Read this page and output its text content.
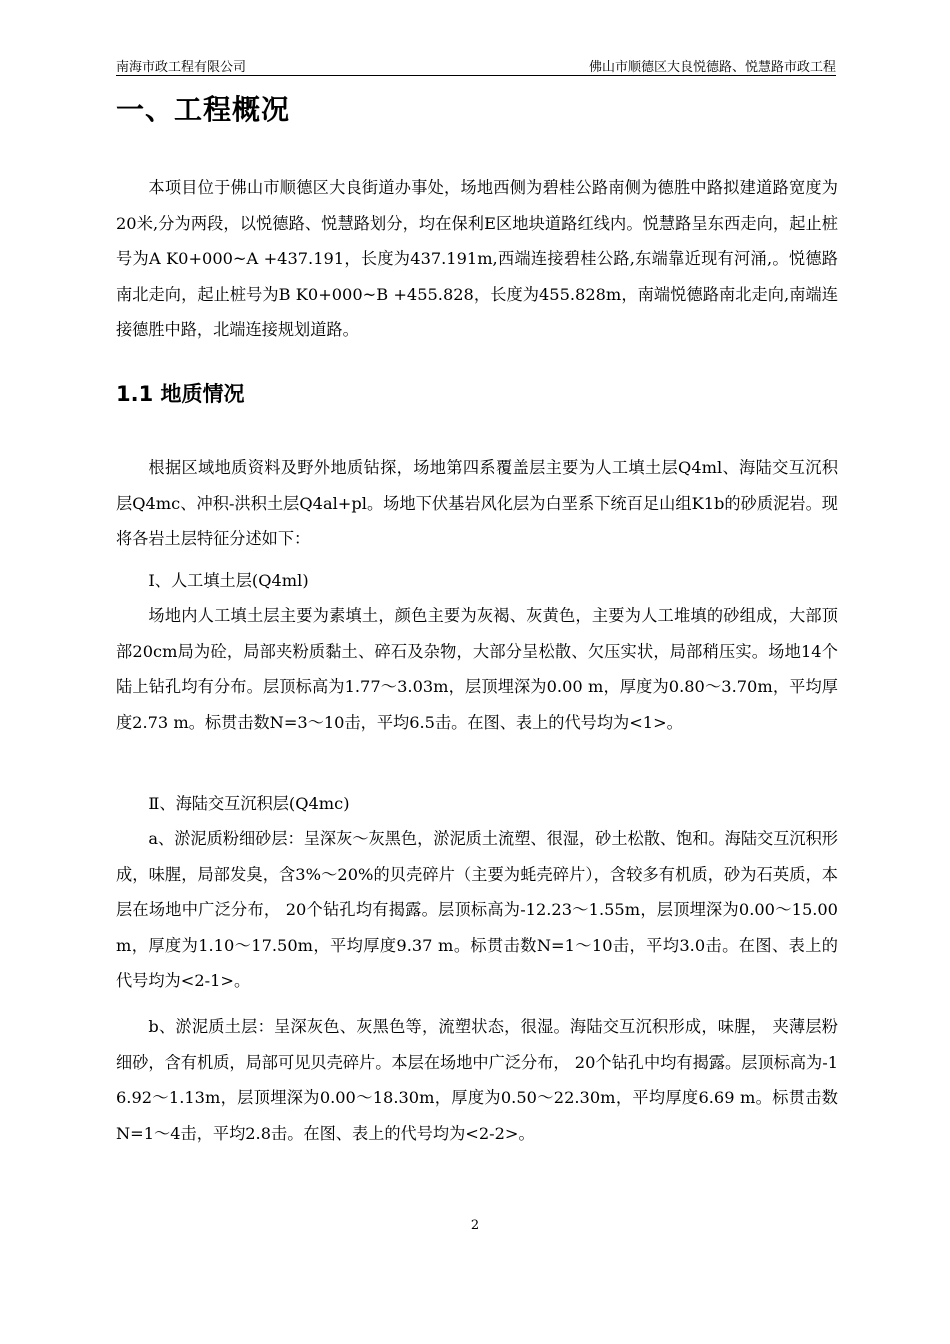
南海市政工程有限公司	佛山市顺德区大良悦德路、悦慧路市政工程
一、工程概况

本项目位于佛山市顺德区大良街道办事处，场地西侧为碧桂公路南侧为德胜中路拟建道路宽度为20米,分为两段，以悦德路、悦慧路划分，均在保利E区地块道路红线内。悦慧路呈东西走向，起止桩号为A K0+000~A +437.191，长度为437.191m,西端连接碧桂公路,东端靠近现有河涌,。悦德路南北走向，起止桩号为B K0+000~B +455.828，长度为455.828m，南端悦德路南北走向,南端连接德胜中路，北端连接规划道路。

1.1 地质情况

根据区域地质资料及野外地质钻探，场地第四系覆盖层主要为人工填土层Q4ml、海陆交互沉积层Q4mc、冲积-洪积土层Q4al+pl。场地下伏基岩风化层为白垩系下统百足山组K1b的砂质泥岩。现将各岩土层特征分述如下：

Ⅰ、人工填土层(Q4ml)

场地内人工填土层主要为素填土，颜色主要为灰褐、灰黄色，主要为人工堆填的砂组成，大部顶部20cm局为砼，局部夹粉质黏土、碎石及杂物，大部分呈松散、欠压实状，局部稍压实。场地14个陆上钻孔均有分布。层顶标高为1.77～3.03m，层顶埋深为0.00 m，厚度为0.80～3.70m，平均厚度2.73 m。标贯击数N=3～10击，平均6.5击。在图、表上的代号均为<1>。

Ⅱ、海陆交互沉积层(Q4mc)

a、淤泥质粉细砂层：呈深灰～灰黑色，淤泥质土流塑、很湿，砂土松散、饱和。海陆交互沉积形成，味腥，局部发臭，含3%～20%的贝壳碎片（主要为蚝壳碎片），含较多有机质，砂为石英质，本层在场地中广泛分布， 20个钻孔均有揭露。层顶标高为-12.23～1.55m，层顶埋深为0.00～15.00m，厚度为1.10～17.50m，平均厚度9.37 m。标贯击数N=1～10击，平均3.0击。在图、表上的代号均为<2-1>。

b、淤泥质土层：呈深灰色、灰黑色等，流塑状态，很湿。海陆交互沉积形成，味腥， 夹薄层粉细砂，含有机质，局部可见贝壳碎片。本层在场地中广泛分布， 20个钻孔中均有揭露。层顶标高为-16.92～1.13m，层顶埋深为0.00～18.30m，厚度为0.50～22.30m，平均厚度6.69 m。标贯击数N=1～4击，平均2.8击。在图、表上的代号均为<2-2>。

2
